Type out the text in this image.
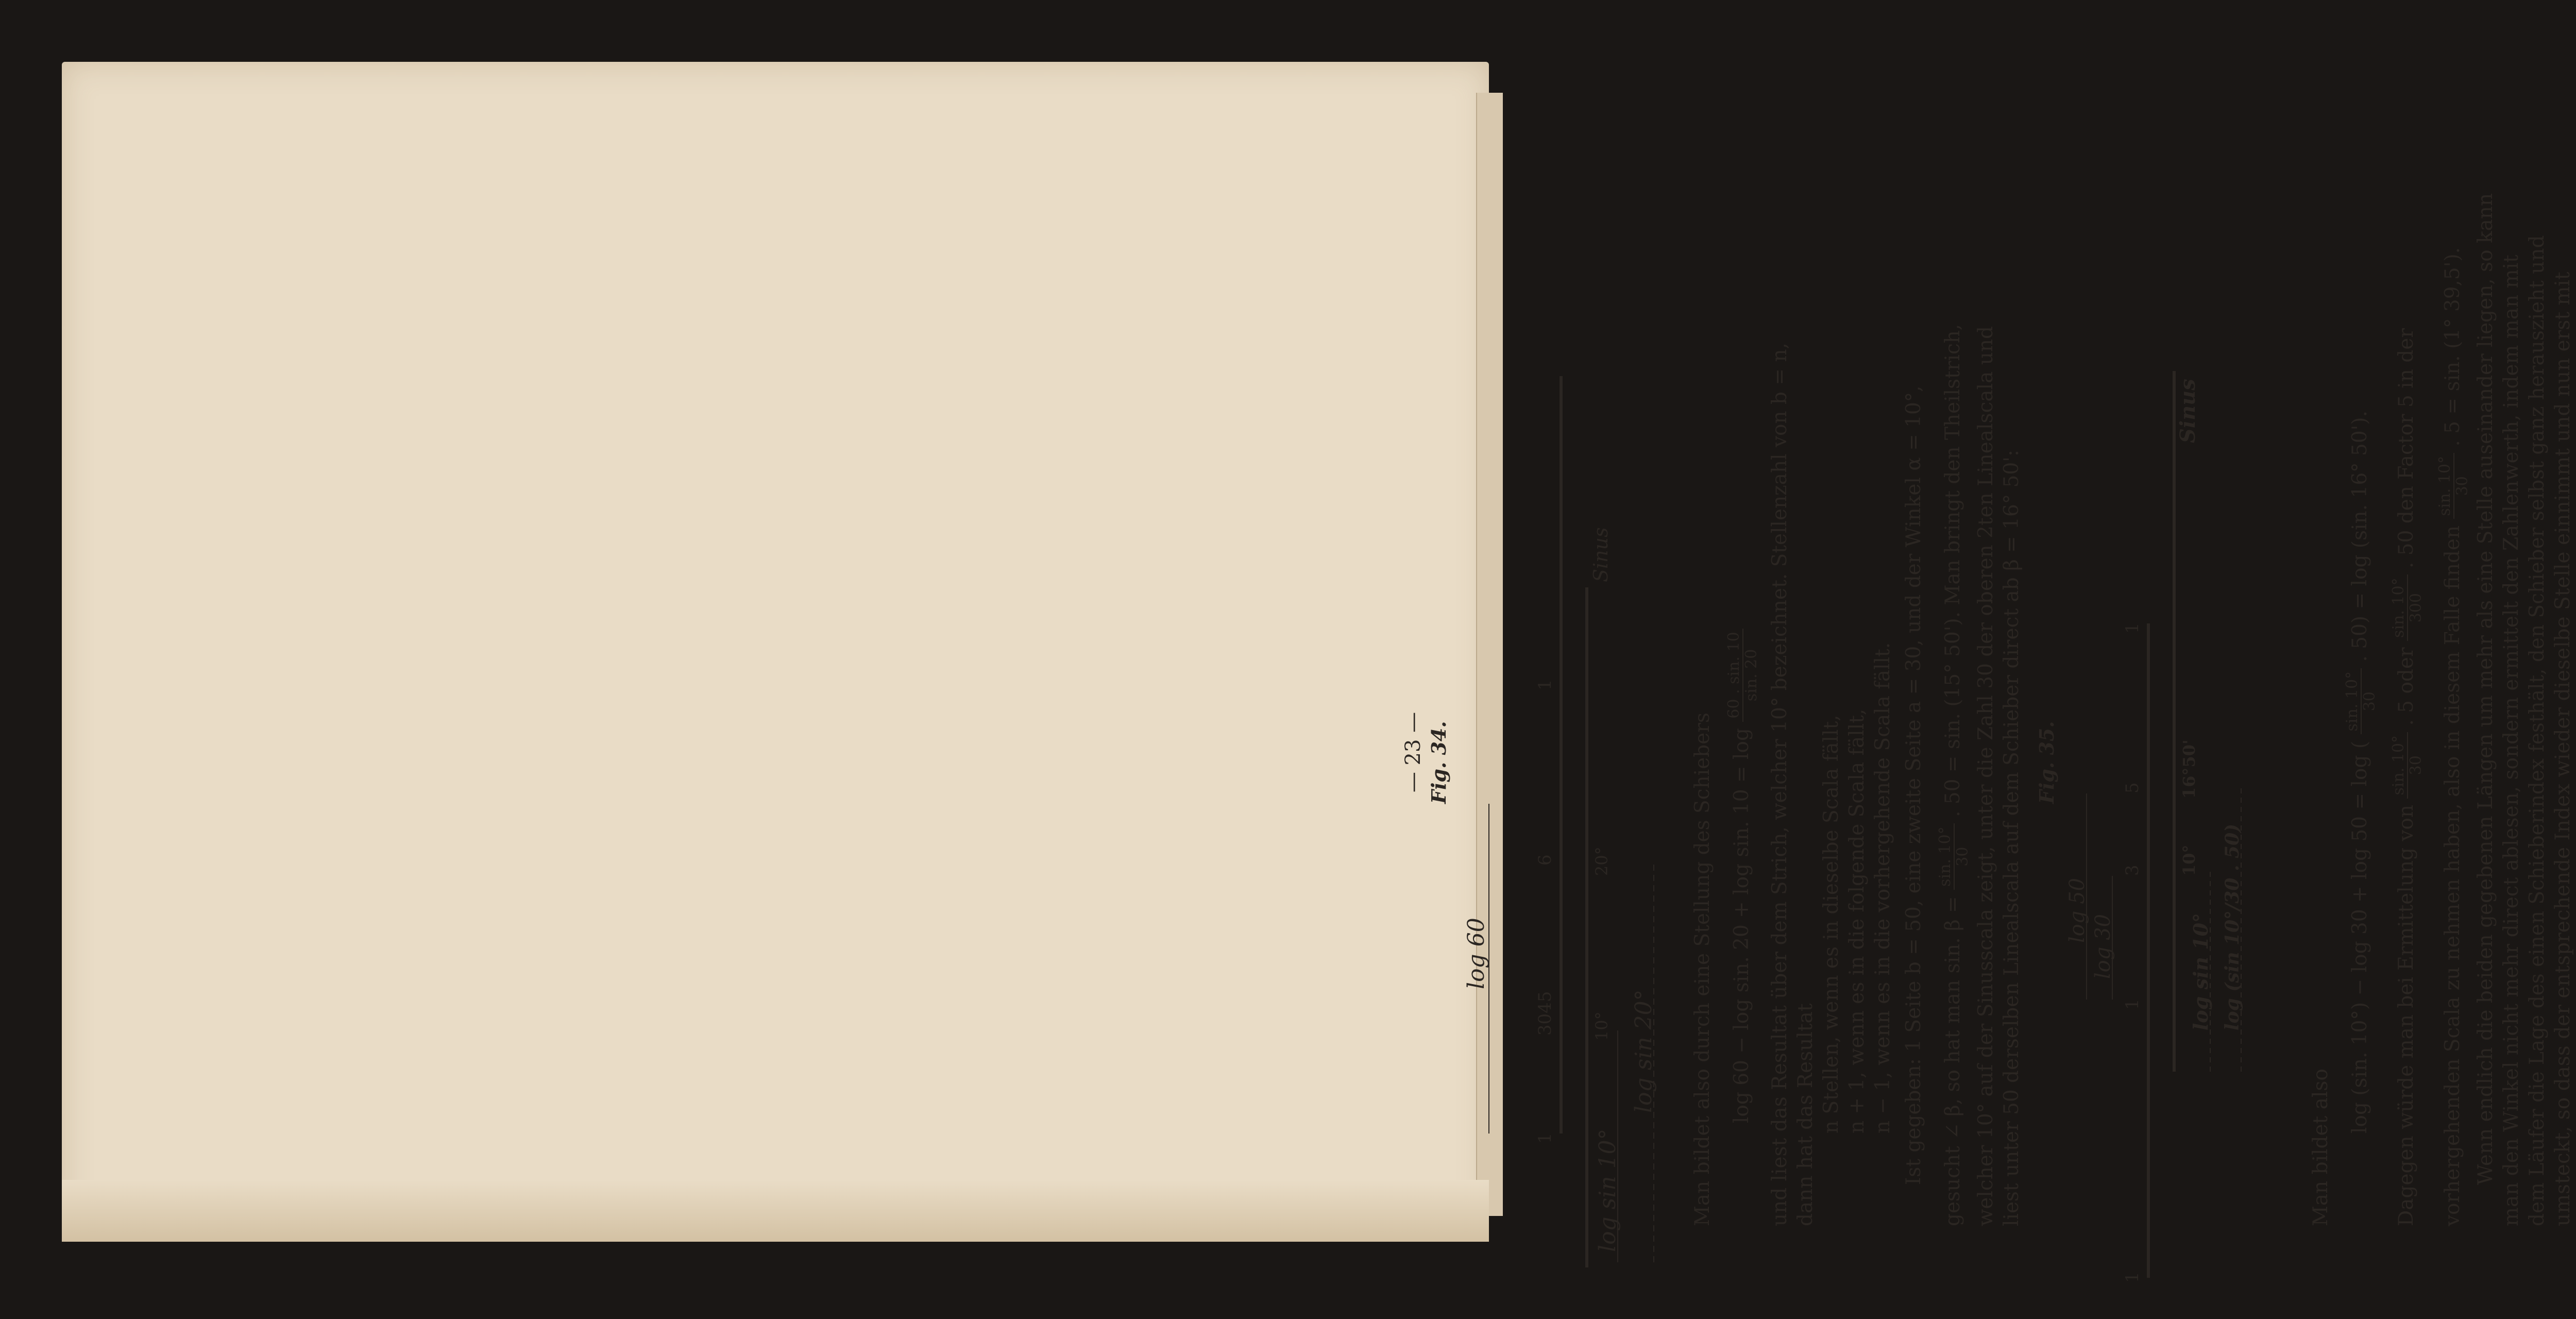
— 23 — Fig. 34.
log 60
1
3045
6
1
10°
20°
Sinus
log sin 10°
log sin 20° Man bildet also durch eine Stellung des Schiebers log 60 − log sin. 20 + log sin. 10 = log
60 . sin. 10 sin. 20 und liest das Resultat über dem Strich, welcher 10° bezeichnet. Stellenzahl von b = n, dann hat das Resultat n Stellen, wenn es in dieselbe Scala fällt, n + 1, wenn es in die folgende Scala fällt, n − 1, wenn es in die vorhergehende Scala fällt. Ist gegeben: 1 Seite b = 50, eine zweite Seite a = 30, und der Winkel α = 10°, gesucht ∠ β, so hat man sin. β =
sin. 10° 30
. 50 = sin. (15° 50'). Man bringt den Theilstrich, welcher 10° auf der Sinusscala zeigt, unter die Zahl 30 der oberen 2ten Linealscala und liest unter 50 derselben Linealscala auf dem Schieber direct ab β = 16° 50': Fig. 35.
log 50
log 30
1
1
3
5
1
10°
16°50'
Sinus
log sin 10° log (sin 10°/30 . 50)
Man bildet also
log (sin. 10°) − log 30 + log 50 = log (
sin. 10° 30
. 50) = log (sin. 16° 50').
Dagegen würde man bei Ermittelung von
sin. 10° 30
. 5 oder
sin. 10° 300
. 50 den Factor 5 in der
vorhergehenden Scala zu nehmen haben, also in diesem Falle finden
sin. 10° 30
. 5 = sin. (1° 39,5'). Wenn endlich die beiden gegebenen Längen um mehr als eine Stelle auseinander liegen, so kann man den Winkel nicht mehr direct ablesen, sondern ermittelt den Zahlenwerth, indem man mit dem Läufer die Lage des einen Schieberindex festhält, den Schieber selbst ganz herauszieht und umsteckt, so dass der entsprechende Index wieder dieselbe Stelle einnimmt und nun erst mit
